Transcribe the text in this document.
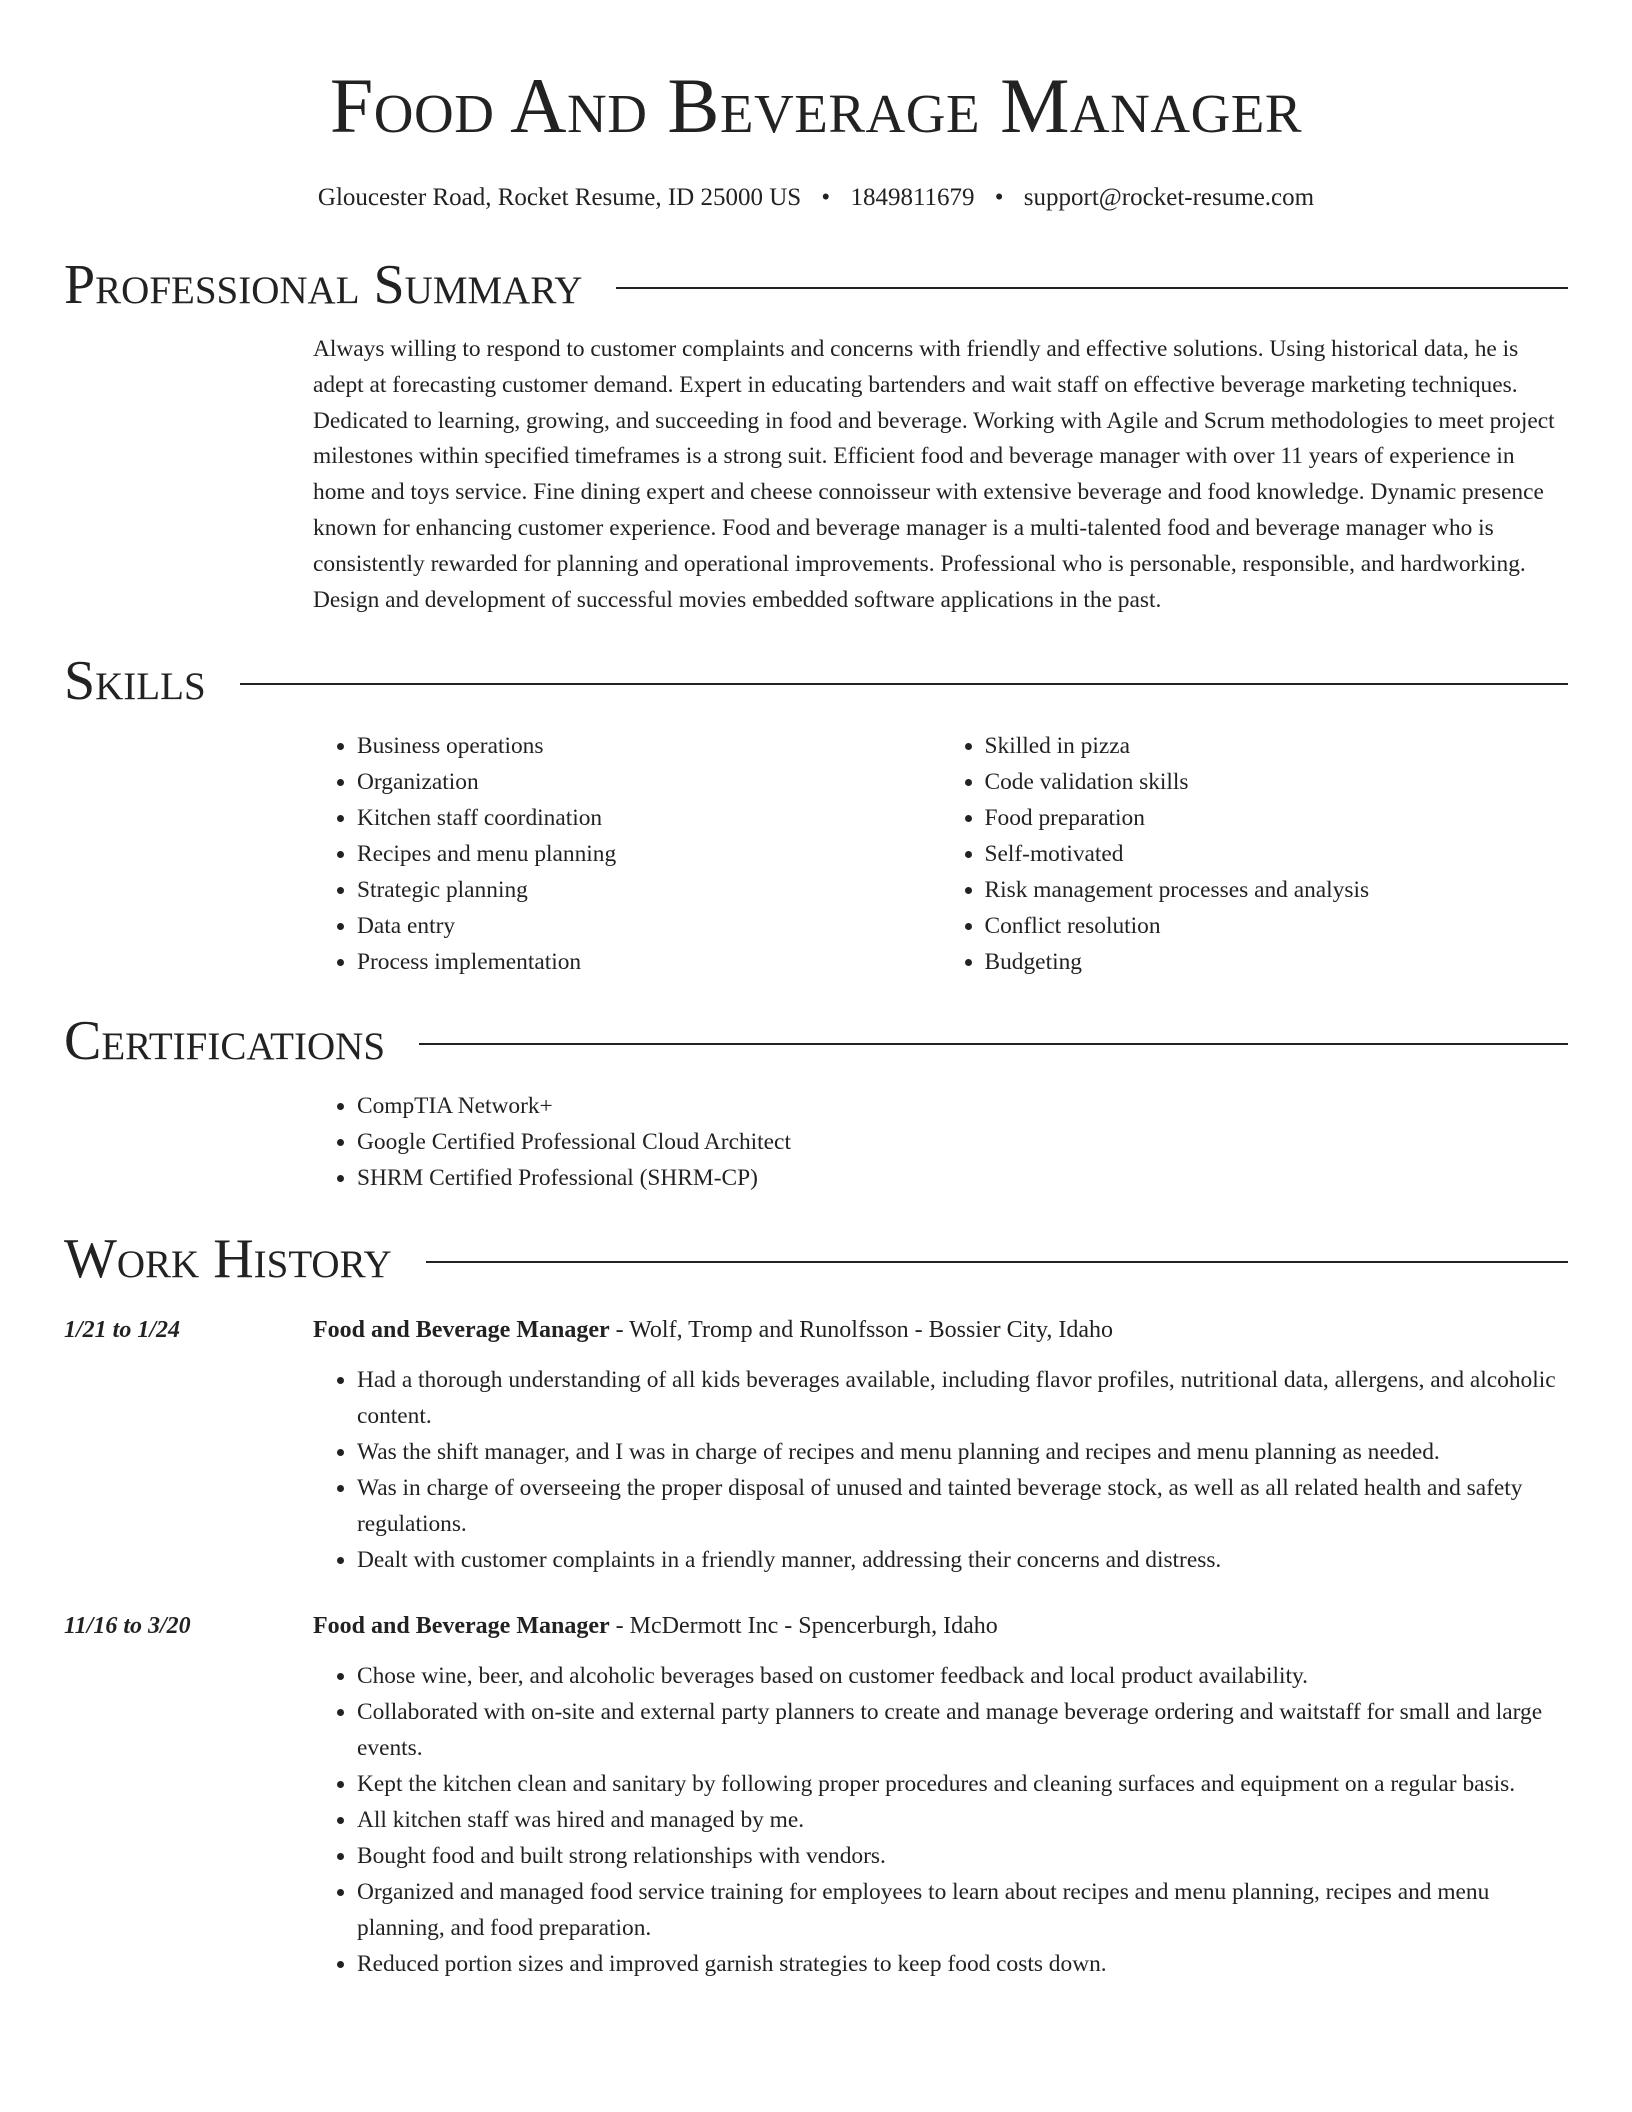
Food And Beverage Manager
Gloucester Road, Rocket Resume, ID 25000 US • 1849811679 • support@rocket-resume.com
Professional Summary

Always willing to respond to customer complaints and concerns with friendly and effective solutions. Using historical data, he is adept at forecasting customer demand. Expert in educating bartenders and wait staff on effective beverage marketing techniques. Dedicated to learning, growing, and succeeding in food and beverage. Working with Agile and Scrum methodologies to meet project milestones within specified timeframes is a strong suit. Efficient food and beverage manager with over 11 years of experience in home and toys service. Fine dining expert and cheese connoisseur with extensive beverage and food knowledge. Dynamic presence known for enhancing customer experience. Food and beverage manager is a multi-talented food and beverage manager who is consistently rewarded for planning and operational improvements. Professional who is personable, responsible, and hardworking. Design and development of successful movies embedded software applications in the past.

Skills
• Business operations
• Organization
• Kitchen staff coordination
• Recipes and menu planning
• Strategic planning
• Data entry
• Process implementation
• Skilled in pizza
• Code validation skills
• Food preparation
• Self-motivated
• Risk management processes and analysis
• Conflict resolution
• Budgeting
Certifications
• CompTIA Network+
• Google Certified Professional Cloud Architect
• SHRM Certified Professional (SHRM-CP)
Work History
1/21 to 1/24	Food and Beverage Manager - Wolf, Tromp and Runolfsson - Bossier City, Idaho
• Had a thorough understanding of all kids beverages available, including flavor profiles, nutritional data, allergens, and alcoholic content.
• Was the shift manager, and I was in charge of recipes and menu planning and recipes and menu planning as needed.
• Was in charge of overseeing the proper disposal of unused and tainted beverage stock, as well as all related health and safety regulations.
• Dealt with customer complaints in a friendly manner, addressing their concerns and distress.
11/16 to 3/20	Food and Beverage Manager - McDermott Inc - Spencerburgh, Idaho
• Chose wine, beer, and alcoholic beverages based on customer feedback and local product availability.
• Collaborated with on-site and external party planners to create and manage beverage ordering and waitstaff for small and large events.
• Kept the kitchen clean and sanitary by following proper procedures and cleaning surfaces and equipment on a regular basis.
• All kitchen staff was hired and managed by me.
• Bought food and built strong relationships with vendors.
• Organized and managed food service training for employees to learn about recipes and menu planning, recipes and menu planning, and food preparation.
• Reduced portion sizes and improved garnish strategies to keep food costs down.
